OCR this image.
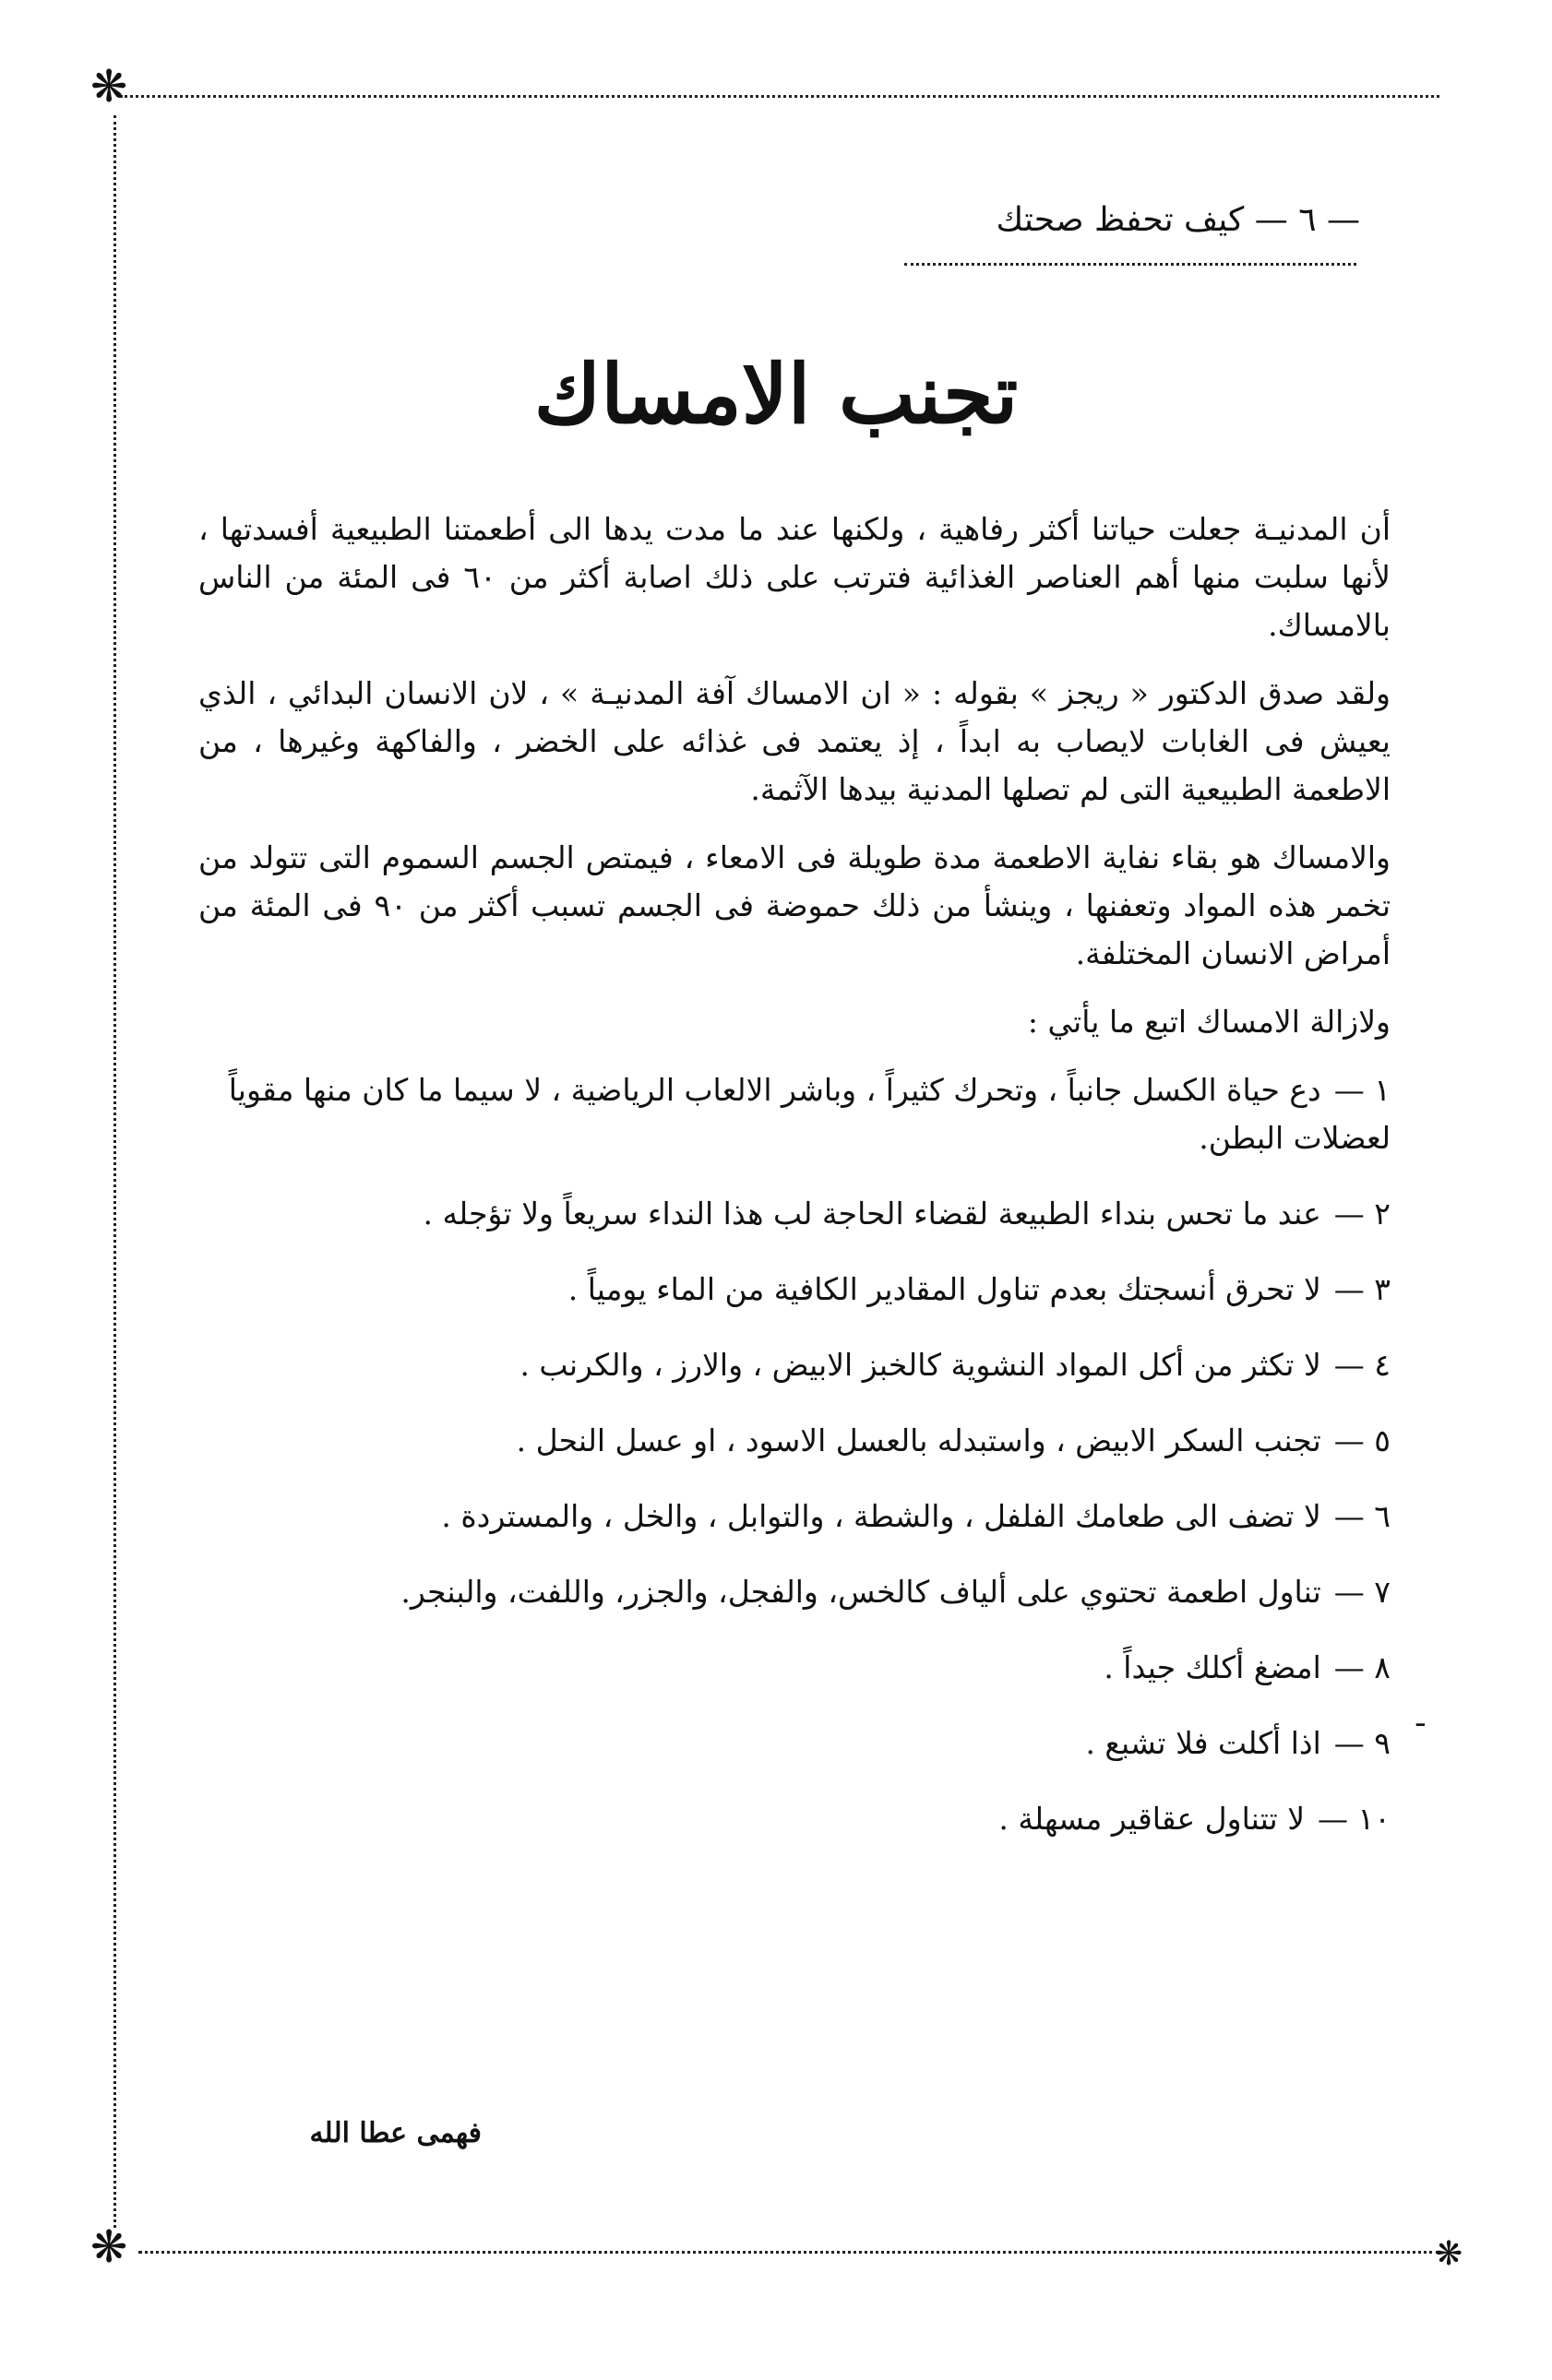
❋
❋	❋
— ٦ — كيف تحفظ صحتك
تجنب الامساك

أن المدنيـة جعلت حياتنا أكثر رفاهية ، ولكنها عند ما مدت يدها الى أطعمتنا الطبيعية أفسدتها ، لأنها سلبت منها أهم العناصر الغذائية فترتب على ذلك اصابة أكثر من ٦٠ فى المئة من الناس بالامساك.

ولقد صدق الدكتور « ريجز » بقوله : « ان الامساك آفة المدنيـة » ، لان الانسان البدائي ، الذي يعيش فى الغابات لايصاب به ابداً ، إذ يعتمد فى غذائه على الخضر ، والفاكهة وغيرها ، من الاطعمة الطبيعية التى لم تصلها المدنية بيدها الآثمة.

والامساك هو بقاء نفاية الاطعمة مدة طويلة فى الامعاء ، فيمتص الجسم السموم التى تتولد من تخمر هذه المواد وتعفنها ، وينشأ من ذلك حموضة فى الجسم تسبب أكثر من ٩٠ فى المئة من أمراض الانسان المختلفة.

ولازالة الامساك اتبع ما يأتي :

١ —دع حياة الكسل جانباً ، وتحرك كثيراً ، وباشر الالعاب الرياضية ، لا سيما ما كان منها مقوياً لعضلات البطن.
٢ —عند ما تحس بنداء الطبيعة لقضاء الحاجة لب هذا النداء سريعاً ولا تؤجله .
٣ —لا تحرق أنسجتك بعدم تناول المقادير الكافية من الماء يومياً .
٤ —لا تكثر من أكل المواد النشوية كالخبز الابيض ، والارز ، والكرنب .
٥ —تجنب السكر الابيض ، واستبدله بالعسل الاسود ، او عسل النحل .
٦ —لا تضف الى طعامك الفلفل ، والشطة ، والتوابل ، والخل ، والمستردة .
٧ —تناول اطعمة تحتوي على ألياف كالخس، والفجل، والجزر، واللفت، والبنجر.
٨ —امضغ أكلك جيداً .
٩ —اذا أكلت فلا تشبع .
١٠ —لا تتناول عقاقير مسهلة .
ـ
فهمى عطا الله
